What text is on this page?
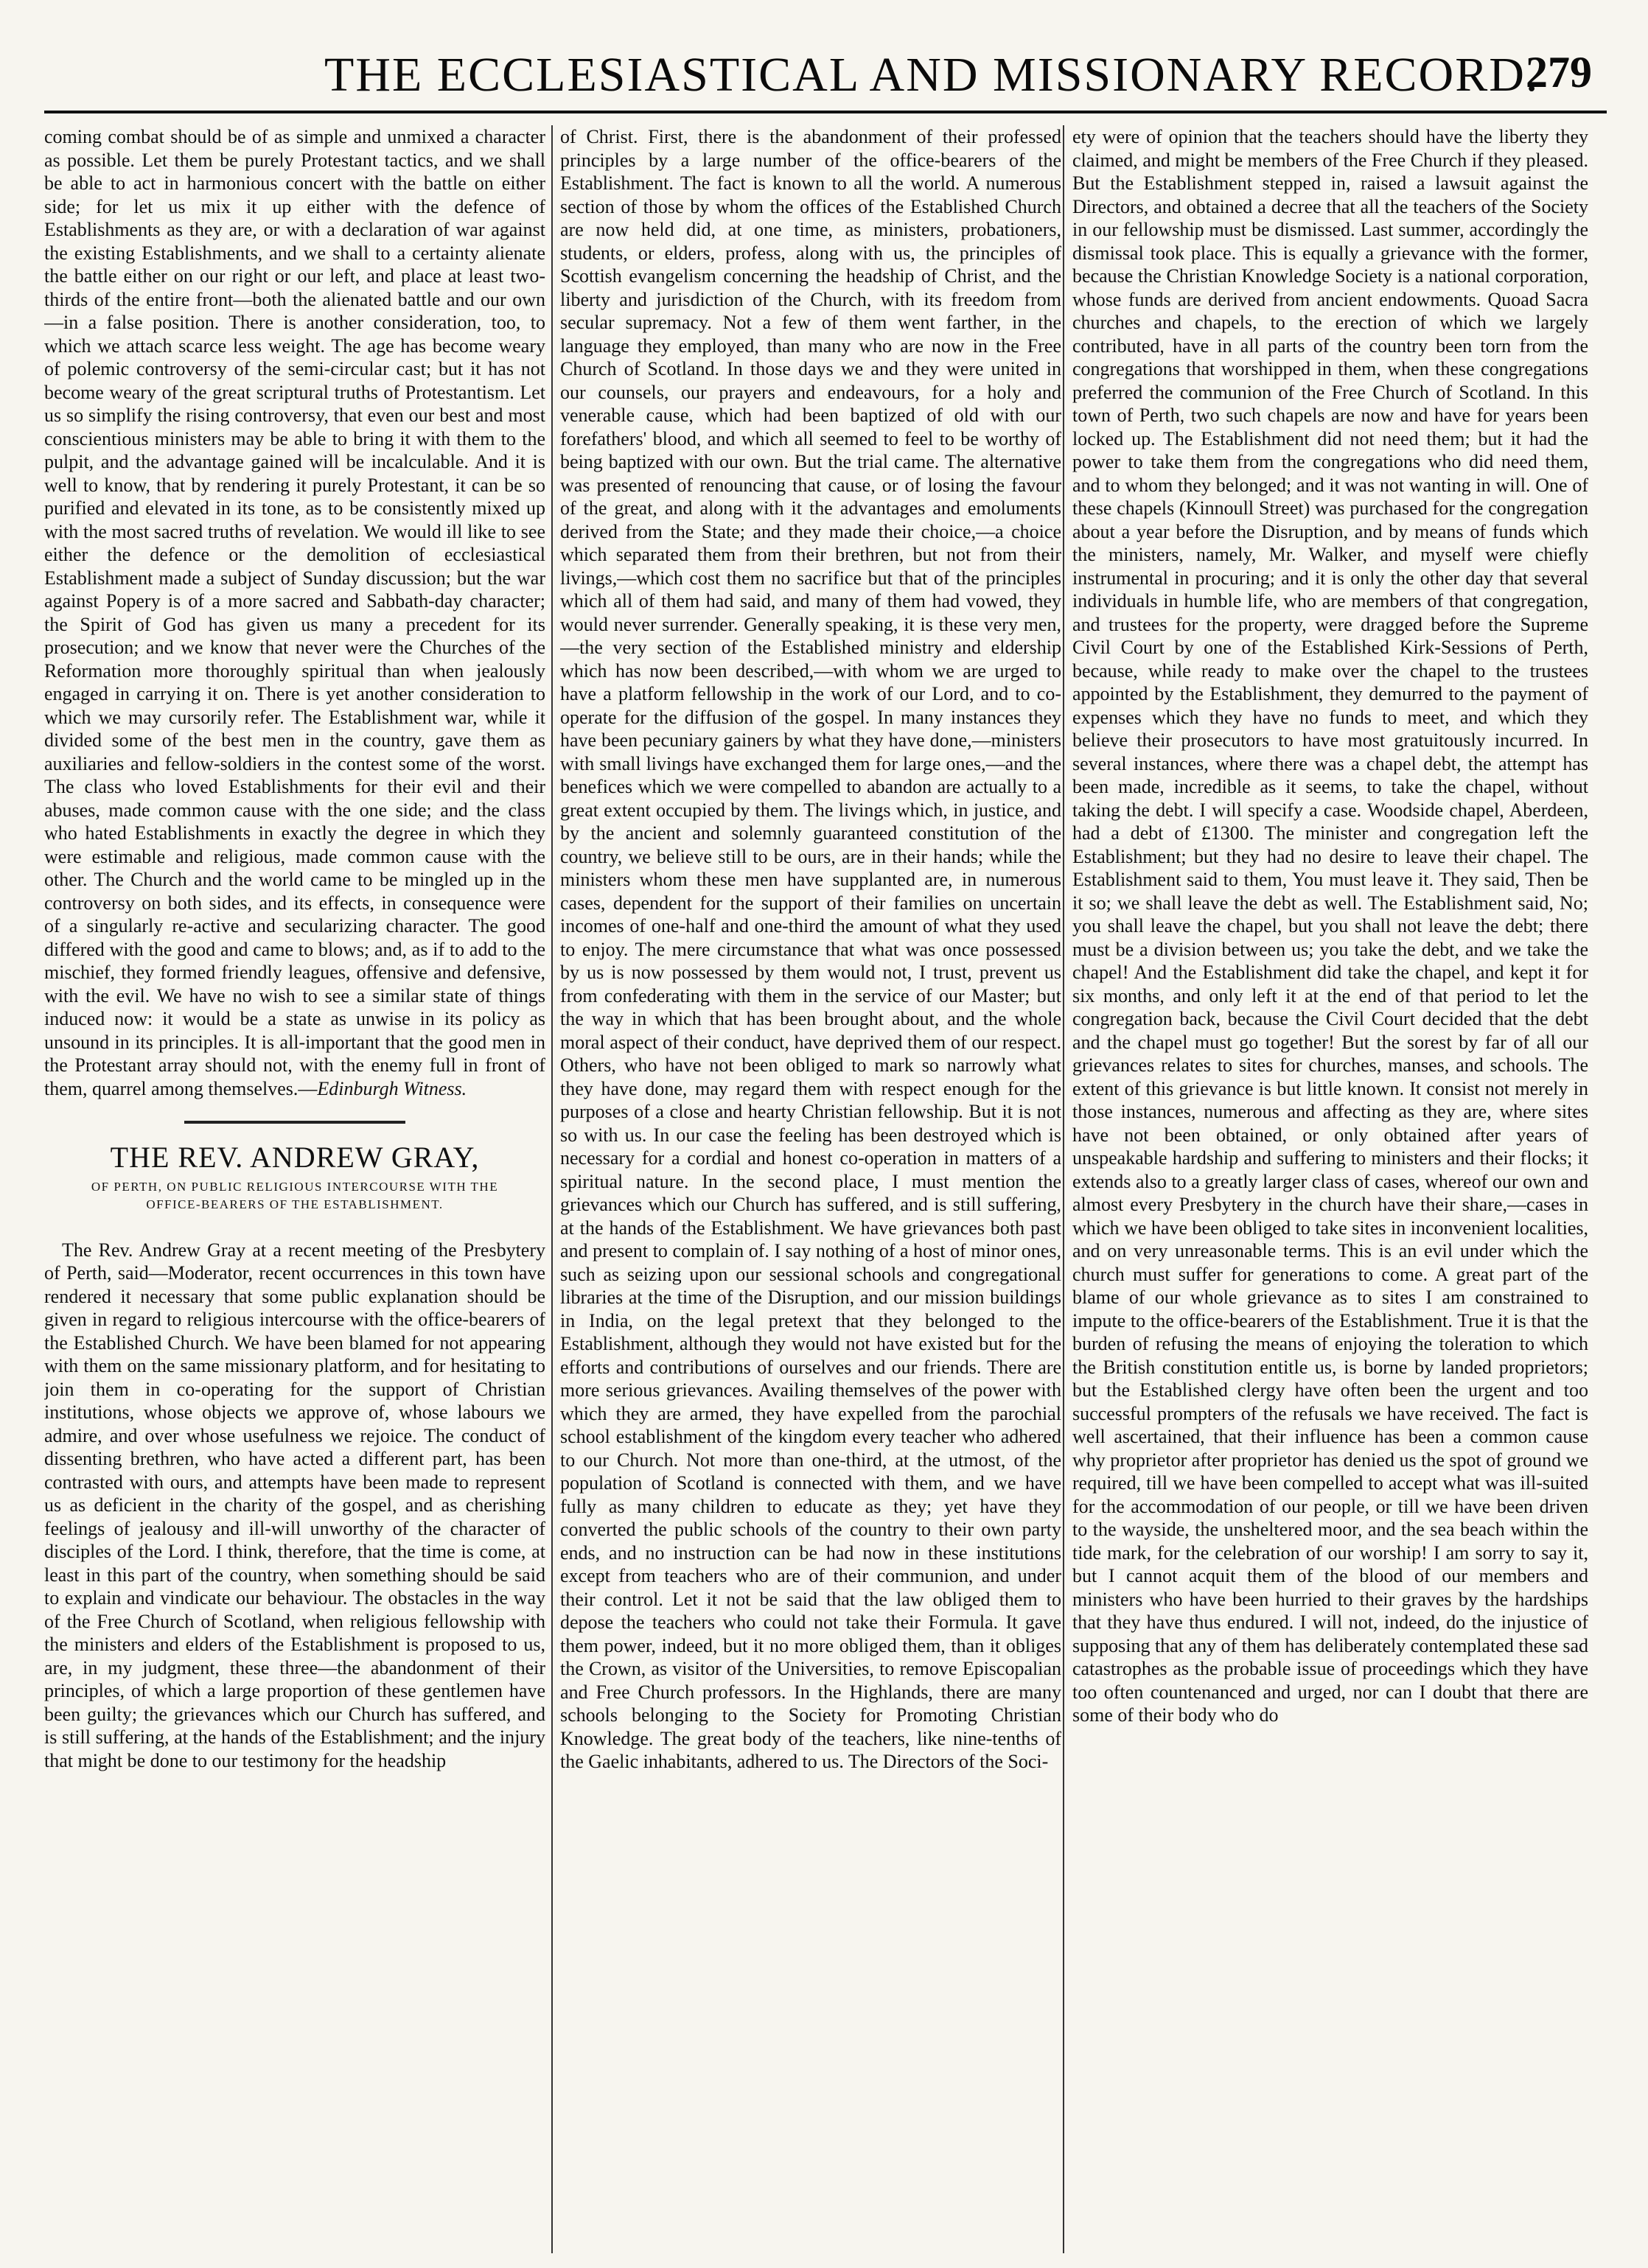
THE ECCLESIASTICAL AND MISSIONARY RECORD.
279

coming combat should be of as simple and unmixed a character as possible. Let them be purely Protestant tactics, and we shall be able to act in harmonious concert with the battle on either side; for let us mix it up either with the defence of Establishments as they are, or with a declaration of war against the existing Establishments, and we shall to a certainty alienate the battle either on our right or our left, and place at least two-thirds of the entire front—both the alienated battle and our own—in a false position. There is another consideration, too, to which we attach scarce less weight. The age has become weary of polemic controversy of the semi-circular cast; but it has not become weary of the great scriptural truths of Protestantism. Let us so simplify the rising controversy, that even our best and most conscientious ministers may be able to bring it with them to the pulpit, and the advantage gained will be incalculable. And it is well to know, that by rendering it purely Protestant, it can be so purified and elevated in its tone, as to be consistently mixed up with the most sacred truths of revelation. We would ill like to see either the defence or the demolition of ecclesiastical Establishment made a subject of Sunday discussion; but the war against Popery is of a more sacred and Sabbath-day character; the Spirit of God has given us many a precedent for its prosecution; and we know that never were the Churches of the Reformation more thoroughly spiritual than when jealously engaged in carrying it on. There is yet another consideration to which we may cursorily refer. The Establishment war, while it divided some of the best men in the country, gave them as auxiliaries and fellow-soldiers in the contest some of the worst. The class who loved Establishments for their evil and their abuses, made common cause with the one side; and the class who hated Establishments in exactly the degree in which they were estimable and religious, made common cause with the other. The Church and the world came to be mingled up in the controversy on both sides, and its effects, in consequence were of a singularly re-active and secularizing character. The good differed with the good and came to blows; and, as if to add to the mischief, they formed friendly leagues, offensive and defensive, with the evil. We have no wish to see a similar state of things induced now: it would be a state as unwise in its policy as unsound in its principles. It is all-important that the good men in the Protestant array should not, with the enemy full in front of them, quarrel among themselves.—Edinburgh Witness.

THE REV. ANDREW GRAY,
OF PERTH, ON PUBLIC RELIGIOUS INTERCOURSE WITH THE OFFICE-BEARERS OF THE ESTABLISHMENT.

The Rev. Andrew Gray at a recent meeting of the Presbytery of Perth, said—Moderator, recent occurrences in this town have rendered it necessary that some public explanation should be given in regard to religious intercourse with the office-bearers of the Established Church. We have been blamed for not appearing with them on the same missionary platform, and for hesitating to join them in co-operating for the support of Christian institutions, whose objects we approve of, whose labours we admire, and over whose usefulness we rejoice. The conduct of dissenting brethren, who have acted a different part, has been contrasted with ours, and attempts have been made to represent us as deficient in the charity of the gospel, and as cherishing feelings of jealousy and ill-will unworthy of the character of disciples of the Lord. I think, therefore, that the time is come, at least in this part of the country, when something should be said to explain and vindicate our behaviour. The obstacles in the way of the Free Church of Scotland, when religious fellowship with the ministers and elders of the Establishment is proposed to us, are, in my judgment, these three—the abandonment of their principles, of which a large proportion of these gentlemen have been guilty; the grievances which our Church has suffered, and is still suffering, at the hands of the Establishment; and the injury that might be done to our testimony for the headship

of Christ. First, there is the abandonment of their professed principles by a large number of the office-bearers of the Establishment. The fact is known to all the world. A numerous section of those by whom the offices of the Established Church are now held did, at one time, as ministers, probationers, students, or elders, profess, along with us, the principles of Scottish evangelism concerning the headship of Christ, and the liberty and jurisdiction of the Church, with its freedom from secular supremacy. Not a few of them went farther, in the language they employed, than many who are now in the Free Church of Scotland. In those days we and they were united in our counsels, our prayers and endeavours, for a holy and venerable cause, which had been baptized of old with our forefathers' blood, and which all seemed to feel to be worthy of being baptized with our own. But the trial came. The alternative was presented of renouncing that cause, or of losing the favour of the great, and along with it the advantages and emoluments derived from the State; and they made their choice,—a choice which separated them from their brethren, but not from their livings,—which cost them no sacrifice but that of the principles which all of them had said, and many of them had vowed, they would never surrender. Generally speaking, it is these very men,—the very section of the Established ministry and eldership which has now been described,—with whom we are urged to have a platform fellowship in the work of our Lord, and to co-operate for the diffusion of the gospel. In many instances they have been pecuniary gainers by what they have done,—ministers with small livings have exchanged them for large ones,—and the benefices which we were compelled to abandon are actually to a great extent occupied by them. The livings which, in justice, and by the ancient and solemnly guaranteed constitution of the country, we believe still to be ours, are in their hands; while the ministers whom these men have supplanted are, in numerous cases, dependent for the support of their families on uncertain incomes of one-half and one-third the amount of what they used to enjoy. The mere circumstance that what was once possessed by us is now possessed by them would not, I trust, prevent us from confederating with them in the service of our Master; but the way in which that has been brought about, and the whole moral aspect of their conduct, have deprived them of our respect. Others, who have not been obliged to mark so narrowly what they have done, may regard them with respect enough for the purposes of a close and hearty Christian fellowship. But it is not so with us. In our case the feeling has been destroyed which is necessary for a cordial and honest co-operation in matters of a spiritual nature. In the second place, I must mention the grievances which our Church has suffered, and is still suffering, at the hands of the Establishment. We have grievances both past and present to complain of. I say nothing of a host of minor ones, such as seizing upon our sessional schools and congregational libraries at the time of the Disruption, and our mission buildings in India, on the legal pretext that they belonged to the Establishment, although they would not have existed but for the efforts and contributions of ourselves and our friends. There are more serious grievances. Availing themselves of the power with which they are armed, they have expelled from the parochial school establishment of the kingdom every teacher who adhered to our Church. Not more than one-third, at the utmost, of the population of Scotland is connected with them, and we have fully as many children to educate as they; yet have they converted the public schools of the country to their own party ends, and no instruction can be had now in these institutions except from teachers who are of their communion, and under their control. Let it not be said that the law obliged them to depose the teachers who could not take their Formula. It gave them power, indeed, but it no more obliged them, than it obliges the Crown, as visitor of the Universities, to remove Episcopalian and Free Church professors. In the Highlands, there are many schools belonging to the Society for Promoting Christian Knowledge. The great body of the teachers, like nine-tenths of the Gaelic inhabitants, adhered to us. The Directors of the Soci-

ety were of opinion that the teachers should have the liberty they claimed, and might be members of the Free Church if they pleased. But the Establishment stepped in, raised a lawsuit against the Directors, and obtained a decree that all the teachers of the Society in our fellowship must be dismissed. Last summer, accordingly the dismissal took place. This is equally a grievance with the former, because the Christian Knowledge Society is a national corporation, whose funds are derived from ancient endowments. Quoad Sacra churches and chapels, to the erection of which we largely contributed, have in all parts of the country been torn from the congregations that worshipped in them, when these congregations preferred the communion of the Free Church of Scotland. In this town of Perth, two such chapels are now and have for years been locked up. The Establishment did not need them; but it had the power to take them from the congregations who did need them, and to whom they belonged; and it was not wanting in will. One of these chapels (Kinnoull Street) was purchased for the congregation about a year before the Disruption, and by means of funds which the ministers, namely, Mr. Walker, and myself were chiefly instrumental in procuring; and it is only the other day that several individuals in humble life, who are members of that congregation, and trustees for the property, were dragged before the Supreme Civil Court by one of the Established Kirk-Sessions of Perth, because, while ready to make over the chapel to the trustees appointed by the Establishment, they demurred to the payment of expenses which they have no funds to meet, and which they believe their prosecutors to have most gratuitously incurred. In several instances, where there was a chapel debt, the attempt has been made, incredible as it seems, to take the chapel, without taking the debt. I will specify a case. Woodside chapel, Aberdeen, had a debt of £1300. The minister and congregation left the Establishment; but they had no desire to leave their chapel. The Establishment said to them, You must leave it. They said, Then be it so; we shall leave the debt as well. The Establishment said, No; you shall leave the chapel, but you shall not leave the debt; there must be a division between us; you take the debt, and we take the chapel! And the Establishment did take the chapel, and kept it for six months, and only left it at the end of that period to let the congregation back, because the Civil Court decided that the debt and the chapel must go together! But the sorest by far of all our grievances relates to sites for churches, manses, and schools. The extent of this grievance is but little known. It consist not merely in those instances, numerous and affecting as they are, where sites have not been obtained, or only obtained after years of unspeakable hardship and suffering to ministers and their flocks; it extends also to a greatly larger class of cases, whereof our own and almost every Presbytery in the church have their share,—cases in which we have been obliged to take sites in inconvenient localities, and on very unreasonable terms. This is an evil under which the church must suffer for generations to come. A great part of the blame of our whole grievance as to sites I am constrained to impute to the office-bearers of the Establishment. True it is that the burden of refusing the means of enjoying the toleration to which the British constitution entitle us, is borne by landed proprietors; but the Established clergy have often been the urgent and too successful prompters of the refusals we have received. The fact is well ascertained, that their influence has been a common cause why proprietor after proprietor has denied us the spot of ground we required, till we have been compelled to accept what was ill-suited for the accommodation of our people, or till we have been driven to the wayside, the unsheltered moor, and the sea beach within the tide mark, for the celebration of our worship! I am sorry to say it, but I cannot acquit them of the blood of our members and ministers who have been hurried to their graves by the hardships that they have thus endured. I will not, indeed, do the injustice of supposing that any of them has deliberately contemplated these sad catastrophes as the probable issue of proceedings which they have too often countenanced and urged, nor can I doubt that there are some of their body who do
